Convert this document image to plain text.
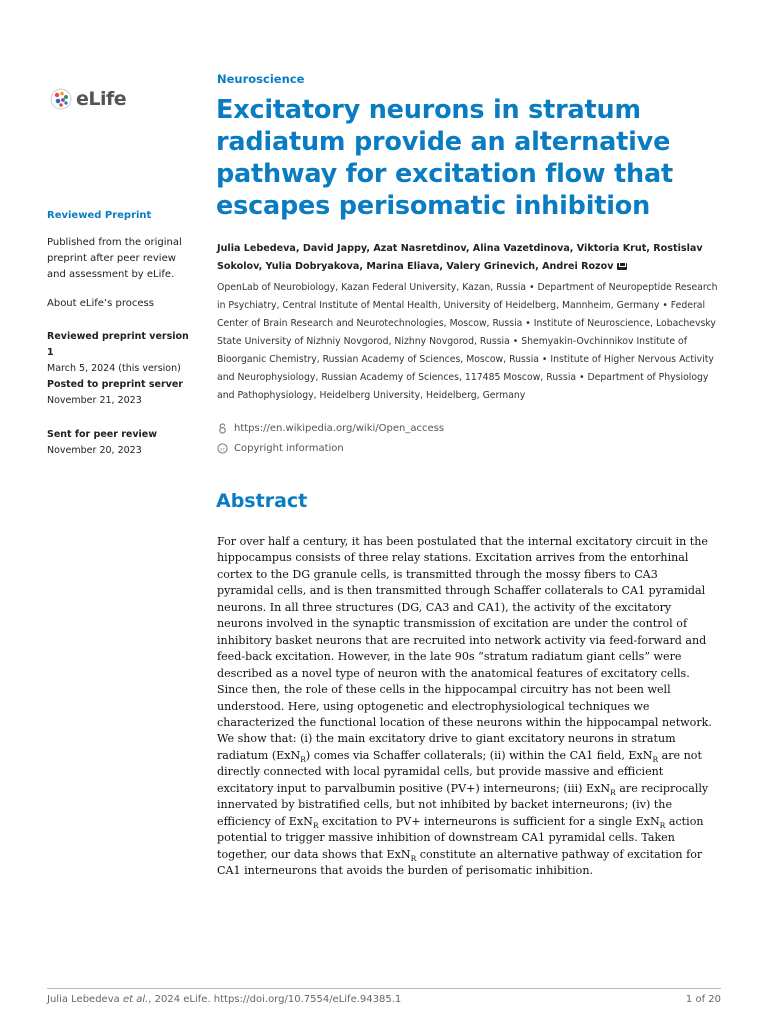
eLife
Reviewed Preprint
Published from the original preprint after peer review and assessment by eLife.
About eLife’s process
Reviewed preprint version 1
March 5, 2024 (this version)
Posted to preprint server
November 21, 2023
Sent for peer review
November 20, 2023
Neuroscience
Excitatory neurons in stratum radiatum provide an alternative pathway for excitation flow that escapes perisomatic inhibition
Julia Lebedeva, David Jappy, Azat Nasretdinov, Alina Vazetdinova, Viktoria Krut, Rostislav Sokolov, Yulia Dobryakova, Marina Eliava, Valery Grinevich, Andrei Rozov
OpenLab of Neurobiology, Kazan Federal University, Kazan, Russia • Department of Neuropeptide Research in Psychiatry, Central Institute of Mental Health, University of Heidelberg, Mannheim, Germany • Federal Center of Brain Research and Neurotechnologies, Moscow, Russia • Institute of Neuroscience, Lobachevsky State University of Nizhniy Novgorod, Nizhny Novgorod, Russia • Shemyakin-Ovchinnikov Institute of Bioorganic Chemistry, Russian Academy of Sciences, Moscow, Russia • Institute of Higher Nervous Activity and Neurophysiology, Russian Academy of Sciences, 117485 Moscow, Russia • Department of Physiology and Pathophysiology, Heidelberg University, Heidelberg, Germany
https://en.wikipedia.org/wiki/Open_access
cc Copyright information
Abstract
For over half a century, it has been postulated that the internal excitatory circuit in the hippocampus consists of three relay stations. Excitation arrives from the entorhinal cortex to the DG granule cells, is transmitted through the mossy fibers to CA3 pyramidal cells, and is then transmitted through Schaffer collaterals to CA1 pyramidal neurons. In all three structures (DG, CA3 and CA1), the activity of the excitatory neurons involved in the synaptic transmission of excitation are under the control of inhibitory basket neurons that are recruited into network activity via feed-forward and feed-back excitation. However, in the late 90s “stratum radiatum giant cells” were described as a novel type of neuron with the anatomical features of excitatory cells. Since then, the role of these cells in the hippocampal circuitry has not been well understood. Here, using optogenetic and electrophysiological techniques we characterized the functional location of these neurons within the hippocampal network. We show that: (i) the main excitatory drive to giant excitatory neurons in stratum radiatum (ExN$_R$) comes via Schaffer collaterals; (ii) within the CA1 field, ExN$_R$ are not directly connected with local pyramidal cells, but provide massive and efficient excitatory input to parvalbumin positive (PV+) interneurons; (iii) ExN$_R$ are reciprocally innervated by bistratified cells, but not inhibited by backet interneurons; (iv) the efficiency of ExN$_R$ excitation to PV+ interneurons is sufficient for a single ExN$_R$ action potential to trigger massive inhibition of downstream CA1 pyramidal cells. Taken together, our data shows that ExN$_R$ constitute an alternative pathway of excitation for CA1 interneurons that avoids the burden of perisomatic inhibition.
Julia Lebedeva et al., 2024 eLife. https://doi.org/10.7554/eLife.94385.1	1 of 20
